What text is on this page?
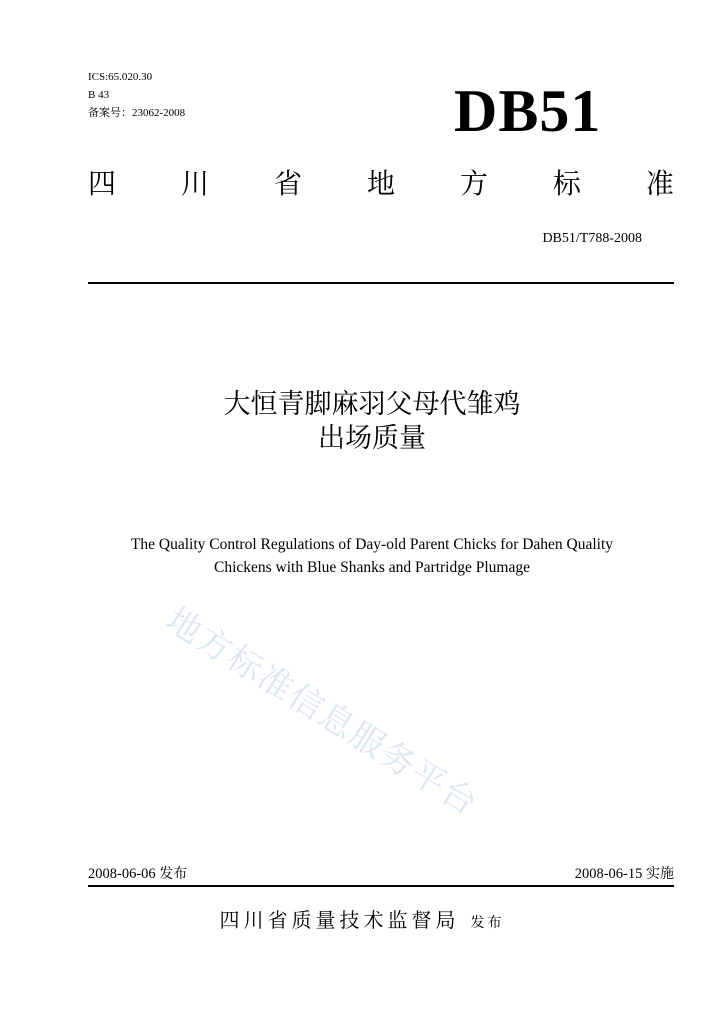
ICS:65.020.30
B 43
备案号：23062-2008	DB51
四 川 省 地 方 标 准
DB51/T788-2008
大恒青脚麻羽父母代雏鸡
出场质量
The Quality Control Regulations of Day-old Parent Chicks for Dahen Quality
Chickens with Blue Shanks and Partridge Plumage
地方标准信息服务平台
2008-06-06 发布	2008-06-15 实施
四川省质量技术监督局 发布
